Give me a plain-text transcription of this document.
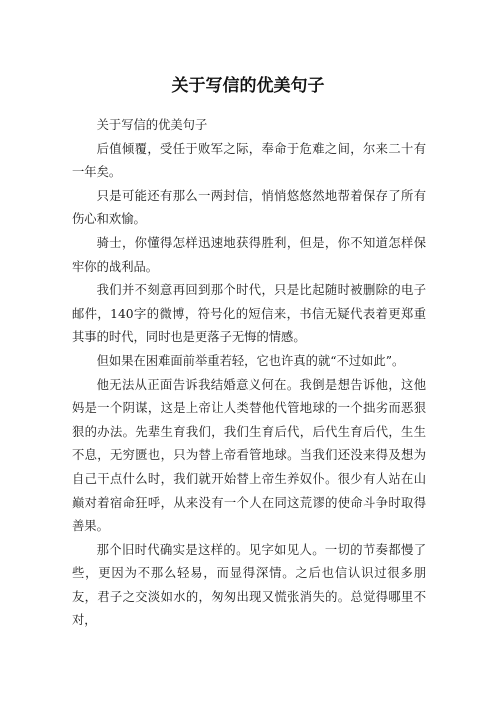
关于写信的优美句子

关于写信的优美句子

后值倾覆，受任于败军之际，奉命于危难之间，尔来二十有一年矣。

只是可能还有那么一两封信，悄悄悠悠然地帮着保存了所有伤心和欢愉。

骑士，你懂得怎样迅速地获得胜利，但是，你不知道怎样保牢你的战利品。

我们并不刻意再回到那个时代，只是比起随时被删除的电子邮件，140字的微博，符号化的短信来，书信无疑代表着更郑重其事的时代，同时也是更落子无悔的情感。

但如果在困难面前举重若轻，它也许真的就“不过如此”。

他无法从正面告诉我结婚意义何在。我倒是想告诉他，这他妈是一个阴谋，这是上帝让人类替他代管地球的一个拙劣而恶狠狠的办法。先辈生育我们，我们生育后代，后代生育后代，生生不息，无穷匮也，只为替上帝看管地球。当我们还没来得及想为自己干点什么时，我们就开始替上帝生养奴仆。很少有人站在山巅对着宿命狂呼，从来没有一个人在同这荒谬的使命斗争时取得善果。

那个旧时代确实是这样的。见字如见人。一切的节奏都慢了些，更因为不那么轻易，而显得深情。之后也信认识过很多朋友，君子之交淡如水的，匆匆出现又慌张消失的。总觉得哪里不对，
